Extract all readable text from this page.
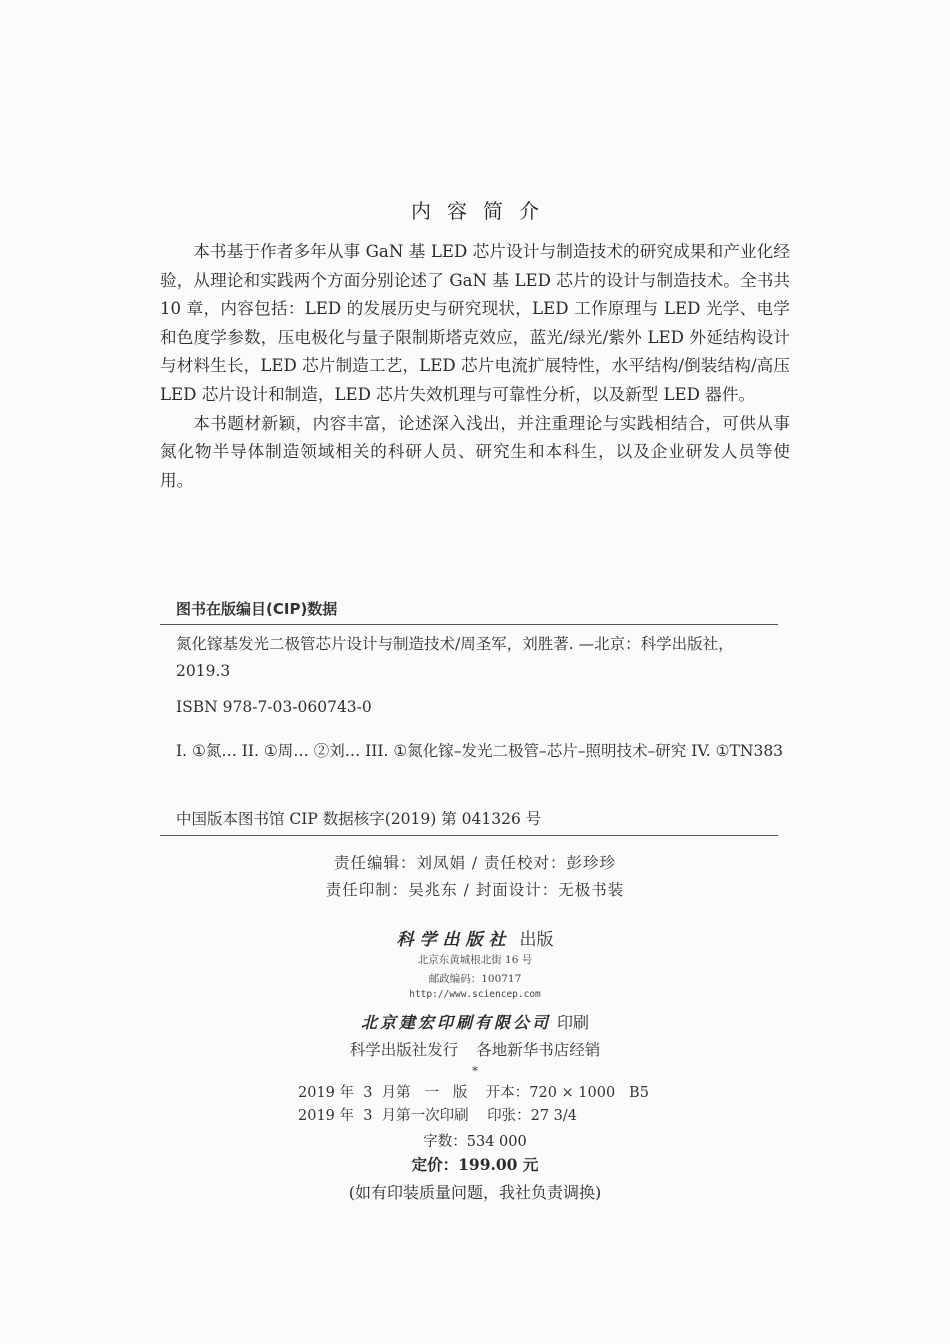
内容简介

本书基于作者多年从事 GaN 基 LED 芯片设计与制造技术的研究成果和产业化经验，从理论和实践两个方面分别论述了 GaN 基 LED 芯片的设计与制造技术。全书共 10 章，内容包括：LED 的发展历史与研究现状，LED 工作原理与 LED 光学、电学和色度学参数，压电极化与量子限制斯塔克效应，蓝光/绿光/紫外 LED 外延结构设计与材料生长，LED 芯片制造工艺，LED 芯片电流扩展特性，水平结构/倒装结构/高压 LED 芯片设计和制造，LED 芯片失效机理与可靠性分析，以及新型 LED 器件。

本书题材新颖，内容丰富，论述深入浅出，并注重理论与实践相结合，可供从事氮化物半导体制造领域相关的科研人员、研究生和本科生，以及企业研发人员等使用。

图书在版编目(CIP)数据

氮化镓基发光二极管芯片设计与制造技术/周圣军，刘胜著. —北京：科学出版社，2019.3

ISBN 978-7-03-060743-0

I. ①氮… II. ①周… ②刘… III. ①氮化镓–发光二极管–芯片–照明技术–研究 IV. ①TN383

中国版本图书馆 CIP 数据核字(2019) 第 041326 号

责任编辑：刘凤娟 / 责任校对：彭珍珍

责任印制：吴兆东 / 封面设计：无极书装

科学出版社 出版
北京东黄城根北街 16 号
邮政编码：100717
http://www.sciencep.com
北京建宏印刷有限公司 印刷
科学出版社发行 各地新华书店经销
*
2019 年  3  月第   一   版    开本：720 × 1000   B5
2019 年  3  月第一次印刷    印张：27 3/4
字数：534 000
定价：199.00 元
(如有印装质量问题，我社负责调换)
